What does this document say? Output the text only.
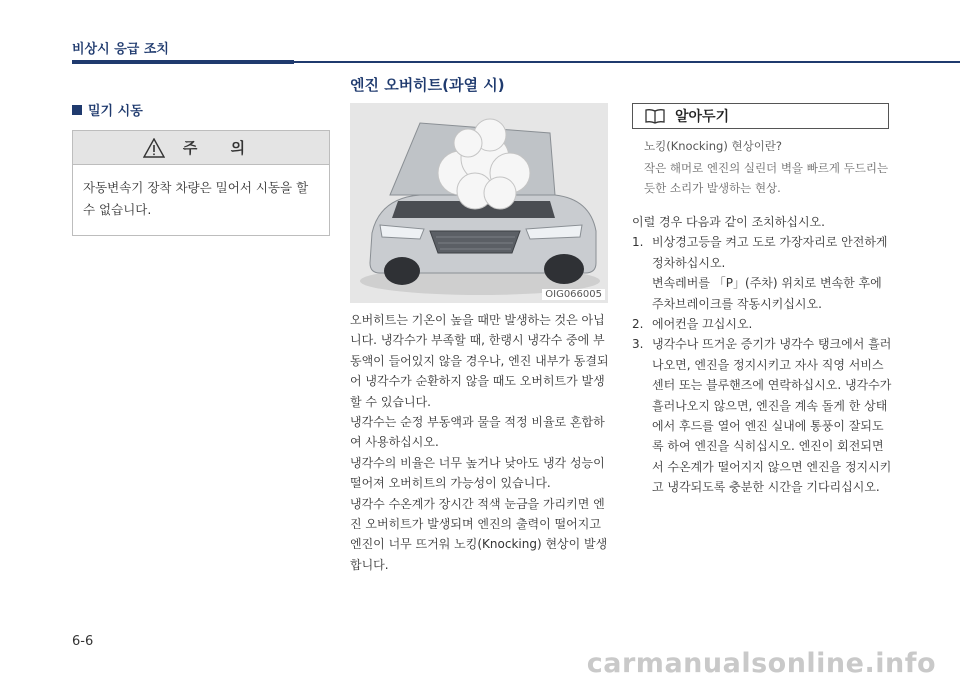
비상시 응급 조치
엔진 오버히트(과열 시)
밀기 시동
주 의
자동변속기 장착 차량은 밀어서 시동을 할 수 없습니다.
OIG066005

오버히트는 기온이 높을 때만 발생하는 것은 아닙니다. 냉각수가 부족할 때, 한랭시 냉각수 중에 부동액이 들어있지 않을 경우나, 엔진 내부가 동결되어 냉각수가 순환하지 않을 때도 오버히트가 발생할 수 있습니다.

냉각수는 순정 부동액과 물을 적정 비율로 혼합하여 사용하십시오.

냉각수의 비율은 너무 높거나 낮아도 냉각 성능이 떨어져 오버히트의 가능성이 있습니다.

냉각수 수온계가 장시간 적색 눈금을 가리키면 엔진 오버히트가 발생되며 엔진의 출력이 떨어지고 엔진이 너무 뜨거워 노킹(Knocking) 현상이 발생합니다.

알아두기
노킹(Knocking) 현상이란?
작은 해머로 엔진의 실린더 벽을 빠르게 두드리는 듯한 소리가 발생하는 현상.
이럴 경우 다음과 같이 조치하십시오.
1. 비상경고등을 켜고 도로 가장자리로 안전하게 정차하십시오.
변속레버를 「P」(주차) 위치로 변속한 후에 주차브레이크를 작동시키십시오.
2. 에어컨을 끄십시오.
3. 냉각수나 뜨거운 증기가 냉각수 탱크에서 흘러나오면, 엔진을 정지시키고 자사 직영 서비스센터 또는 블루핸즈에 연락하십시오. 냉각수가 흘러나오지 않으면, 엔진을 계속 돌게 한 상태에서 후드를 열어 엔진 실내에 통풍이 잘되도록 하여 엔진을 식히십시오. 엔진이 회전되면서 수온계가 떨어지지 않으면 엔진을 정지시키고 냉각되도록 충분한 시간을 기다리십시오.
6-6
carmanualsonline.info
